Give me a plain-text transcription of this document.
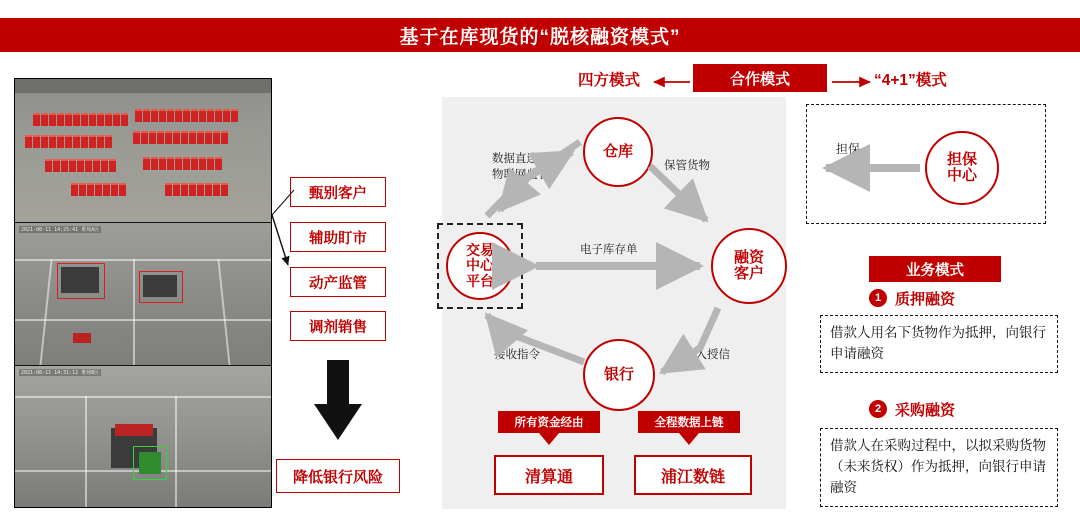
基于在库现货的“脱核融资模式”
2021-08-11 14:25:41 堆场A区
2021-08-11 14:31:12 堆场B区
甄别客户
辅助盯市
动产监管
调剂销售
降低银行风险
四方模式	合作模式	“4+1”模式
仓库
交易
中心
平台
融资
客户
银行
数据直连
物联网监管
保管货物
电子库存单
接收指令	准入授信
所有资金经由	全程数据上链
清算通	浦江数链
担保
中心
担保
业务模式
1 质押融资
借款人用名下货物作为抵押，向银行申请融资
2 采购融资
借款人在采购过程中，以拟采购货物（未来货权）作为抵押，向银行申请融资
